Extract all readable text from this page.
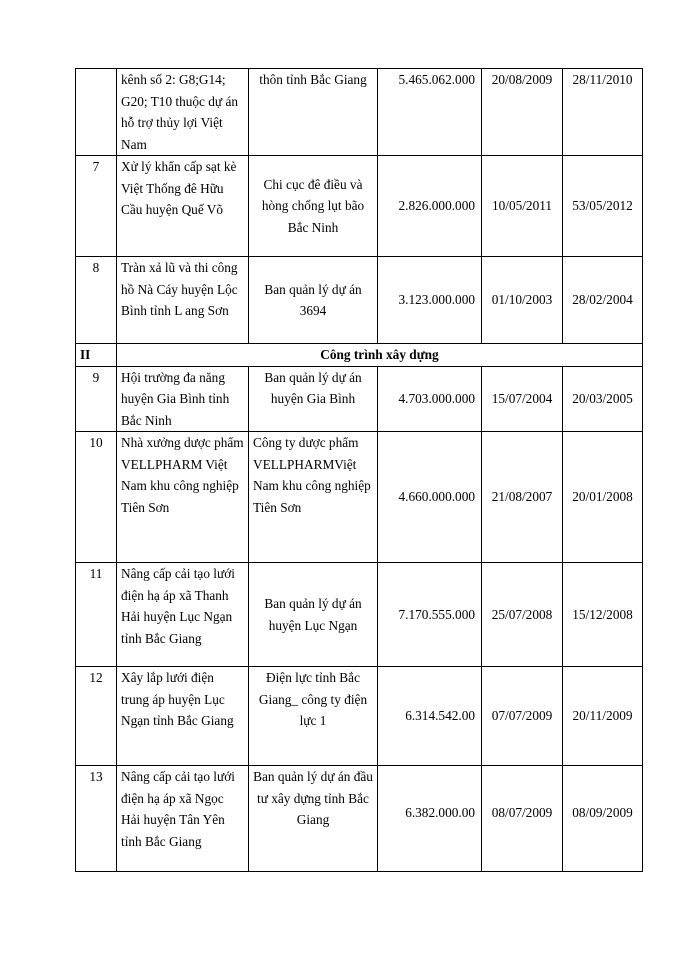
	kênh số 2: G8;G14; G20; T10 thuộc dự án hỗ trợ thủy lợi Việt Nam	thôn tỉnh Bắc Giang	5.465.062.000	20/08/2009	28/11/2010
7	Xử lý khẩn cấp sạt kè Việt Thống đê Hữu Cầu huyện Quế Võ	Chi cục đê điều và hòng chống lụt bão Bắc Ninh	2.826.000.000	10/05/2011	53/05/2012
8	Tràn xả lũ và thi công hồ Nà Cáy huyện Lộc Bình tỉnh L ang Sơn	Ban quản lý dự án 3694	3.123.000.000	01/10/2003	28/02/2004
II	Công trình xây dựng				
9	Hội trường đa năng huyện Gia Bình tỉnh Bắc Ninh	Ban quản lý dự án huyện Gia Bình	4.703.000.000	15/07/2004	20/03/2005
10	Nhà xưởng dược phẩm VELLPHARM Việt Nam khu công nghiệp Tiên Sơn	Công ty dược phẩm VELLPHARMViệt Nam khu công nghiệp Tiên Sơn	4.660.000.000	21/08/2007	20/01/2008
11	Nâng cấp cải tạo lưới điện hạ áp xã Thanh Hải huyện Lục Ngạn tỉnh Bắc Giang	Ban quản lý dự án huyện Lục Ngạn	7.170.555.000	25/07/2008	15/12/2008
12	Xây lắp lưới điện trung áp huyện Lục Ngạn tỉnh Bắc Giang	Điện lực tỉnh Bắc Giang_ công ty điện lực 1	6.314.542.00	07/07/2009	20/11/2009
13	Nâng cấp cải tạo lưới điện hạ áp xã Ngọc Hải huyện Tân Yên tỉnh Bắc Giang	Ban quản lý dự án đầu tư xây dựng tỉnh Bắc Giang	6.382.000.00	08/07/2009	08/09/2009
